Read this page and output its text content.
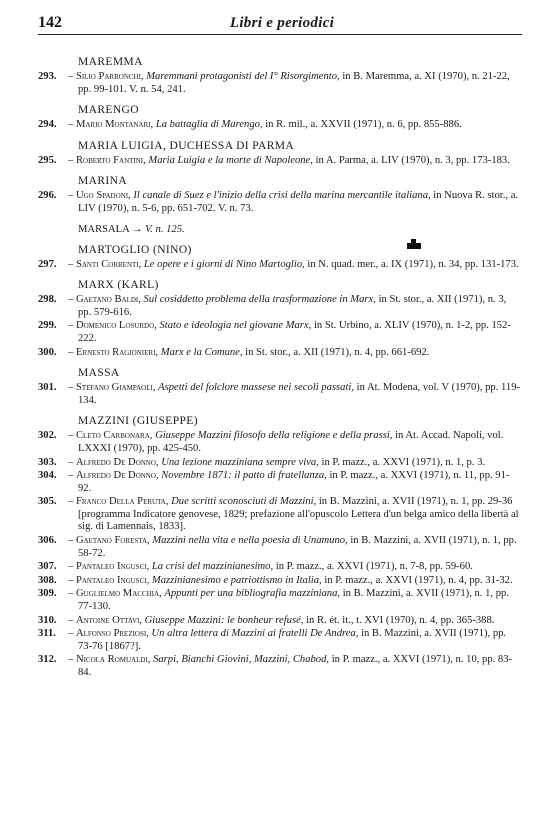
142	Libri e periodici
MAREMMA
293. – Silio Parronchi, Maremmani protagonisti del I° Risorgimento, in B. Maremma, a. XI (1970), n. 21-22, pp. 99-101. V. n. 54, 241.
MARENGO
294. – Mario Montanari, La battaglia di Marengo, in R. mil., a. XXVII (1971), n. 6, pp. 855-886.
MARIA LUIGIA, DUCHESSA DI PARMA
295. – Roberto Fantini, Maria Luigia e la morte di Napoleone, in A. Parma, a. LIV (1970), n. 3, pp. 173-183.
MARINA
296. – Ugo Spadoni, Il canale di Suez e l'inizio della crisi della marina mercantile italiana, in Nuova R. stor., a. LIV (1970), n. 5-6, pp. 651-702. V. n. 73.
MARSALA → V. n. 125.
MARTOGLIO (NINO)
297. – Santi Correnti, Le opere e i giorni di Nino Martoglio, in N. quad. mer., a. IX (1971), n. 34, pp. 131-173.
MARX (KARL)
298. – Gaetano Baldi, Sul cosiddetto problema della trasformazione in Marx, in St. stor., a. XII (1971), n. 3, pp. 579-616.
299. – Domenico Losurdo, Stato e ideologia nel giovane Marx, in St. Urbino, a. XLIV (1970), n. 1-2, pp. 152-222.
300. – Ernesto Ragionieri, Marx e la Comune, in St. stor., a. XII (1971), n. 4, pp. 661-692.
MASSA
301. – Stefano Giampaoli, Aspetti del folclore massese nei secoli passati, in At. Modena, vol. V (1970), pp. 119-134.
MAZZINI (GIUSEPPE)
302. – Cleto Carbonara, Giuseppe Mazzini filosofo della religione e della prassi, in At. Accad. Napoli, vol. LXXXI (1970), pp. 425-450.
303. – Alfredo De Donno, Una lezione mazziniana sempre viva, in P. mazz., a. XXVI (1971), n. 1, p. 3.
304. – Alfredo De Donno, Novembre 1871: il patto di fratellanza, in P. mazz., a. XXVI (1971), n. 11, pp. 91-92.
305. – Franco Della Peruta, Due scritti sconosciuti di Mazzini, in B. Mazzini, a. XVII (1971), n. 1, pp. 29-36 [programma Indicatore genovese, 1829; prefazione all'opuscolo Lettera d'un belga amico della libertà al sig. di Lamennais, 1833].
306. – Gaetano Foresta, Mazzini nella vita e nella poesia di Unamuno, in B. Mazzini, a. XVII (1971), n. 1, pp. 58-72.
307. – Pantaleo Ingusci, La crisi del mazzinianesimo, in P. mazz., a. XXVI (1971), n. 7-8, pp. 59-60.
308. – Pantaleo Ingusci, Mazzinianesimo e patriottismo in Italia, in P. mazz., a. XXVI (1971), n. 4, pp. 31-32.
309. – Guglielmo Macchia, Appunti per una bibliografia mazziniana, in B. Mazzini, a. XVII (1971), n. 1, pp. 77-130.
310. – Antoine Ottavi, Giuseppe Mazzini: le bonheur refusé, in R. ét. it., t. XVI (1970), n. 4, pp. 365-388.
311. – Alfonso Preziosi, Un altra lettera di Mazzini ai fratelli De Andrea, in B. Mazzini, a. XVII (1971), pp. 73-76 [1867?].
312. – Nicola Romualdi, Sarpi, Bianchi Giovini, Mazzini, Chabod, in P. mazz., a. XXVI (1971), n. 10, pp. 83-84.
